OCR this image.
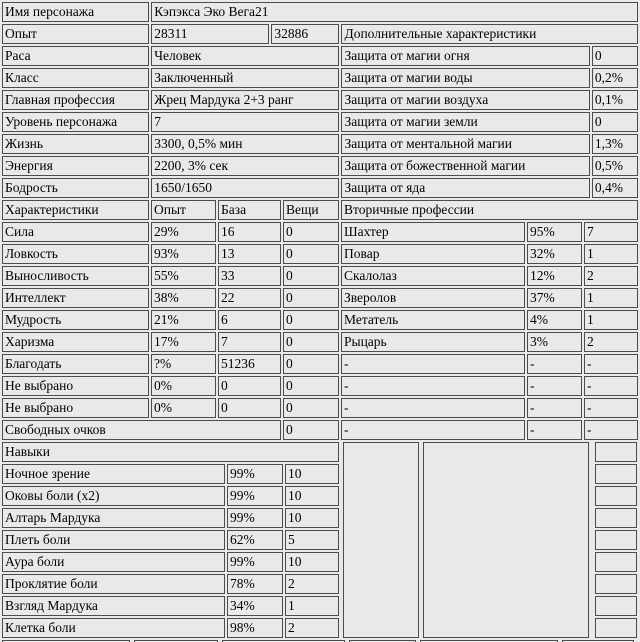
Имя персонажа	Кэпэкса Эко Вега21			
Опыт	28311	32886	Дополнительные характеристики	
Раса	Человек		Защита от магии огня	0
Класс	Заключенный		Защита от магии воды	0,2%
Главная профессия	Жрец Мардука 2+3 ранг		Защита от магии воздуха	0,1%
Уровень персонажа	7		Защита от магии земли	0
Жизнь	3300, 0,5% мин		Защита от ментальной магии	1,3%
Энергия	2200, 3% сек		Защита от божественной магии	0,5%
Бодрость	1650/1650		Защита от яда	0,4%
Характеристики	Опыт	База	Вещи	Вторичные профессии		
Сила	29%	16	0	Шахтер	95%	7
Ловкость	93%	13	0	Повар	32%	1
Выносливость	55%	33	0	Скалолаз	12%	2
Интеллект	38%	22	0	Зверолов	37%	1
Мудрость	21%	6	0	Метатель	4%	1
Харизма	17%	7	0	Рыцарь	3%	2
Благодать	?%	51236	0	-	-	-
Не выбрано	0%	0	0	-	-	-
Не выбрано	0%	0	0	-	-	-
Свободных очков			0	-	-	-
Навыки		
Ночное зрение	99%	10
Оковы боли (x2)	99%	10
Алтарь Мардука	99%	10
Плеть боли	62%	5
Аура боли	99%	10
Проклятие боли	78%	2
Взгляд Мардука	34%	1
Клетка боли	98%	2
